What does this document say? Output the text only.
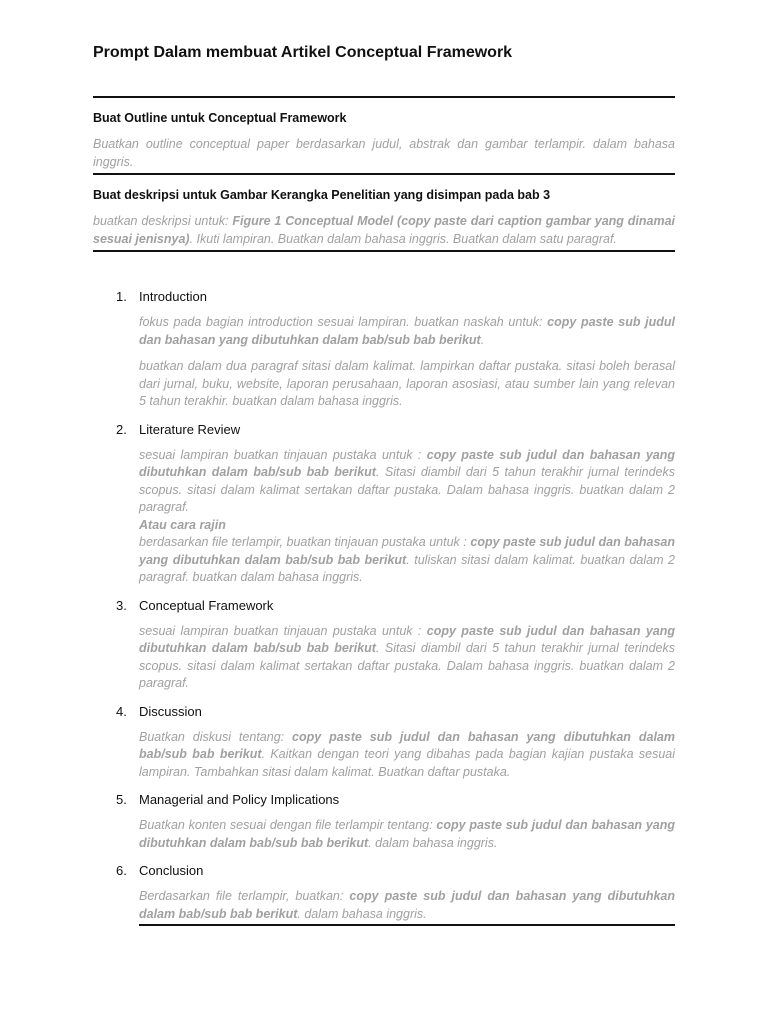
Prompt Dalam membuat Artikel Conceptual Framework
Buat Outline untuk Conceptual Framework
Buatkan outline conceptual paper berdasarkan judul, abstrak dan gambar terlampir. dalam bahasa inggris.
Buat deskripsi untuk Gambar Kerangka Penelitian yang disimpan pada bab 3
buatkan deskripsi untuk: Figure 1 Conceptual Model (copy paste dari caption gambar yang dinamai sesuai jenisnya). Ikuti lampiran. Buatkan dalam bahasa inggris. Buatkan dalam satu paragraf.
1. Introduction
fokus pada bagian introduction sesuai lampiran. buatkan naskah untuk: copy paste sub judul dan bahasan yang dibutuhkan dalam bab/sub bab berikut.
buatkan dalam dua paragraf sitasi dalam kalimat. lampirkan daftar pustaka. sitasi boleh berasal dari jurnal, buku, website, laporan perusahaan, laporan asosiasi, atau sumber lain yang relevan 5 tahun terakhir. buatkan dalam bahasa inggris.
2. Literature Review
sesuai lampiran buatkan tinjauan pustaka untuk : copy paste sub judul dan bahasan yang dibutuhkan dalam bab/sub bab berikut. Sitasi diambil dari 5 tahun terakhir jurnal terindeks scopus. sitasi dalam kalimat sertakan daftar pustaka. Dalam bahasa inggris. buatkan dalam 2 paragraf.
Atau cara rajin
berdasarkan file terlampir, buatkan tinjauan pustaka untuk : copy paste sub judul dan bahasan yang dibutuhkan dalam bab/sub bab berikut. tuliskan sitasi dalam kalimat. buatkan dalam 2 paragraf. buatkan dalam bahasa inggris.
3. Conceptual Framework
sesuai lampiran buatkan tinjauan pustaka untuk : copy paste sub judul dan bahasan yang dibutuhkan dalam bab/sub bab berikut. Sitasi diambil dari 5 tahun terakhir jurnal terindeks scopus. sitasi dalam kalimat sertakan daftar pustaka. Dalam bahasa inggris. buatkan dalam 2 paragraf.
4. Discussion
Buatkan diskusi tentang: copy paste sub judul dan bahasan yang dibutuhkan dalam bab/sub bab berikut. Kaitkan dengan teori yang dibahas pada bagian kajian pustaka sesuai lampiran. Tambahkan sitasi dalam kalimat. Buatkan daftar pustaka.
5. Managerial and Policy Implications
Buatkan konten sesuai dengan file terlampir tentang: copy paste sub judul dan bahasan yang dibutuhkan dalam bab/sub bab berikut. dalam bahasa inggris.
6. Conclusion
Berdasarkan file terlampir, buatkan: copy paste sub judul dan bahasan yang dibutuhkan dalam bab/sub bab berikut. dalam bahasa inggris.
